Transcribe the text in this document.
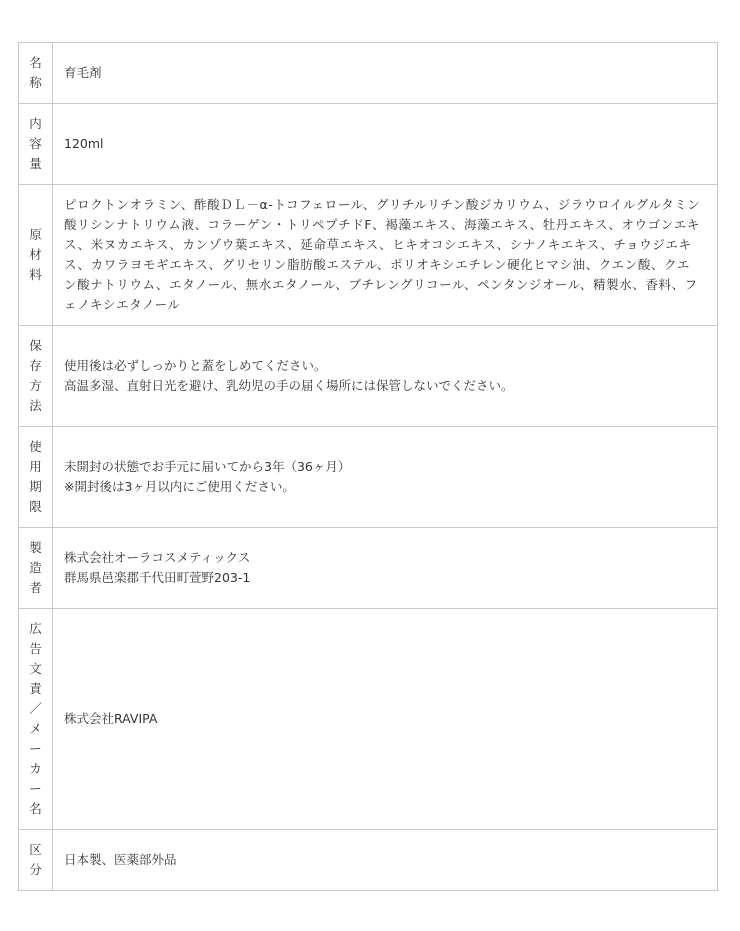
名称	育毛剤

内容量	120ml

原材料	ピロクトンオラミン、酢酸ＤＬ－α-トコフェロール、グリチルリチン酸ジカリウム、ジラウロイルグルタミン酸リシンナトリウム液、コラーゲン・トリペプチドF、褐藻エキス、海藻エキス、牡丹エキス、オウゴンエキス、米ヌカエキス、カンゾウ葉エキス、延命草エキス、ヒキオコシエキス、シナノキエキス、チョウジエキス、カワラヨモギエキス、グリセリン脂肪酸エステル、ポリオキシエチレン硬化ヒマシ油、クエン酸、クエン酸ナトリウム、エタノール、無水エタノール、ブチレングリコール、ペンタンジオール、精製水、香料、フェノキシエタノール

保存方法	使用後は必ずしっかりと蓋をしめてください。
高温多湿、直射日光を避け、乳幼児の手の届く場所には保管しないでください。

使用期限	未開封の状態でお手元に届いてから3年（36ヶ月）
※開封後は3ヶ月以内にご使用ください。

製造者	株式会社オーラコスメティックス
群馬県邑楽郡千代田町萱野203-1

広告文責／メーカー名	株式会社RAVIPA

区分	日本製、医薬部外品
